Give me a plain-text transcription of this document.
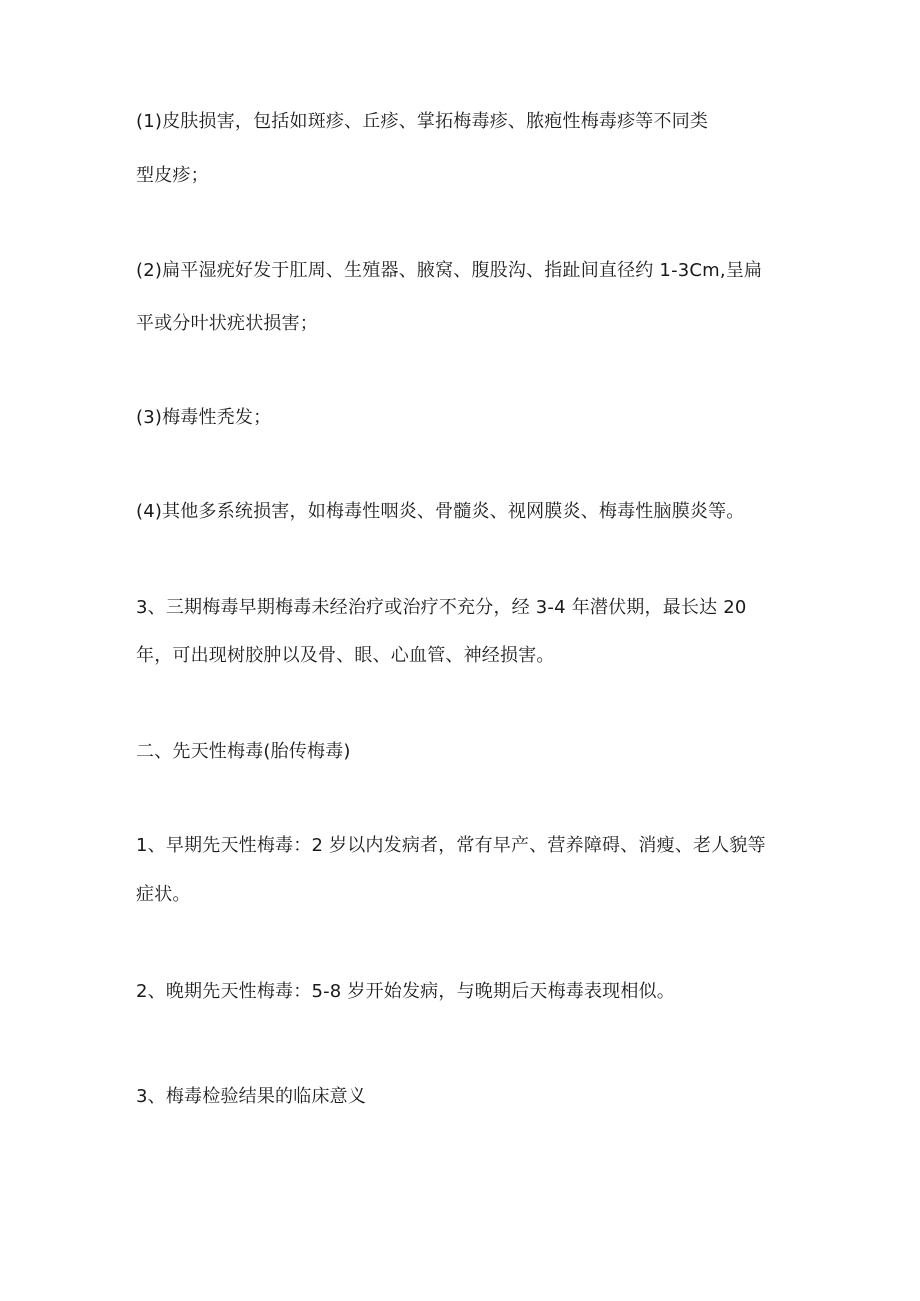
(1)皮肤损害，包括如斑疹、丘疹、掌拓梅毒疹、脓疱性梅毒疹等不同类
型皮疹；
(2)扁平湿疣好发于肛周、生殖器、腋窝、腹股沟、指趾间直径约 1-3Cm,呈扁
平或分叶状疣状损害；
(3)梅毒性秃发；
(4)其他多系统损害，如梅毒性咽炎、骨髓炎、视网膜炎、梅毒性脑膜炎等。
3、三期梅毒早期梅毒未经治疗或治疗不充分，经 3-4 年潜伏期，最长达 20
年，可出现树胶肿以及骨、眼、心血管、神经损害。
二、先天性梅毒(胎传梅毒)
1、早期先天性梅毒：2 岁以内发病者，常有早产、营养障碍、消瘦、老人貌等
症状。
2、晚期先天性梅毒：5-8 岁开始发病，与晚期后天梅毒表现相似。
3、梅毒检验结果的临床意义
